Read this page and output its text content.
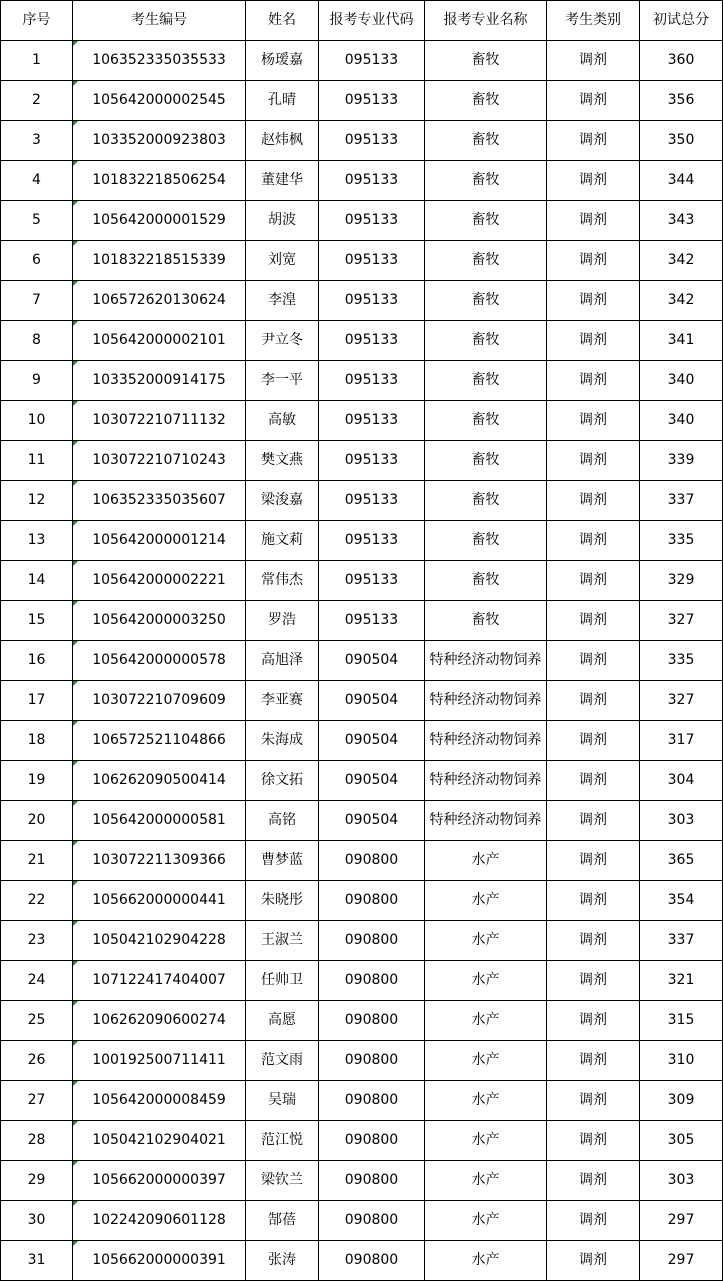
序号	考生编号	姓名	报考专业代码	报考专业名称	考生类别	初试总分
1	106352335035533	杨瑷嘉	095133	畜牧	调剂	360
2	105642000002545	孔晴	095133	畜牧	调剂	356
3	103352000923803	赵炜枫	095133	畜牧	调剂	350
4	101832218506254	董建华	095133	畜牧	调剂	344
5	105642000001529	胡波	095133	畜牧	调剂	343
6	101832218515339	刘宽	095133	畜牧	调剂	342
7	106572620130624	李湟	095133	畜牧	调剂	342
8	105642000002101	尹立冬	095133	畜牧	调剂	341
9	103352000914175	李一平	095133	畜牧	调剂	340
10	103072210711132	高敏	095133	畜牧	调剂	340
11	103072210710243	樊文燕	095133	畜牧	调剂	339
12	106352335035607	梁浚嘉	095133	畜牧	调剂	337
13	105642000001214	施文莉	095133	畜牧	调剂	335
14	105642000002221	常伟杰	095133	畜牧	调剂	329
15	105642000003250	罗浩	095133	畜牧	调剂	327
16	105642000000578	高旭泽	090504	特种经济动物饲养	调剂	335
17	103072210709609	李亚赛	090504	特种经济动物饲养	调剂	327
18	106572521104866	朱海成	090504	特种经济动物饲养	调剂	317
19	106262090500414	徐文拓	090504	特种经济动物饲养	调剂	304
20	105642000000581	高铭	090504	特种经济动物饲养	调剂	303
21	103072211309366	曹梦蓝	090800	水产	调剂	365
22	105662000000441	朱晓彤	090800	水产	调剂	354
23	105042102904228	王淑兰	090800	水产	调剂	337
24	107122417404007	任帅卫	090800	水产	调剂	321
25	106262090600274	高愿	090800	水产	调剂	315
26	100192500711411	范文雨	090800	水产	调剂	310
27	105642000008459	吴瑞	090800	水产	调剂	309
28	105042102904021	范江悦	090800	水产	调剂	305
29	105662000000397	梁钦兰	090800	水产	调剂	303
30	102242090601128	郜蓓	090800	水产	调剂	297
31	105662000000391	张涛	090800	水产	调剂	297
